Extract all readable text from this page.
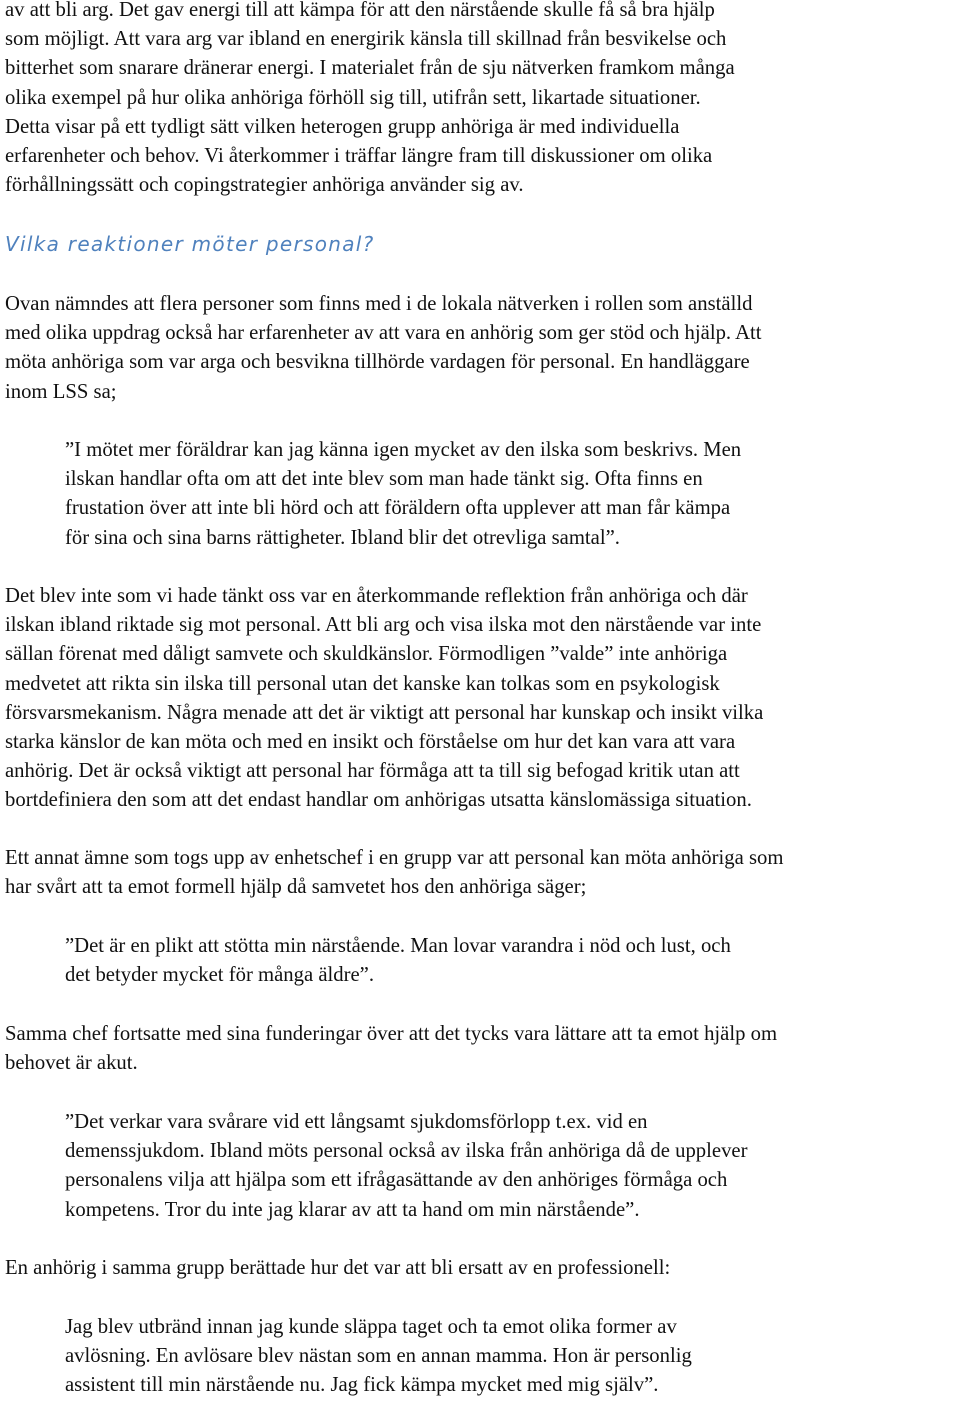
av att bli arg. Det gav energi till att kämpa för att den närstående skulle få så bra hjälp
som möjligt. Att vara arg var ibland en energirik känsla till skillnad från besvikelse och
bitterhet som snarare dränerar energi. I materialet från de sju nätverken framkom många
olika exempel på hur olika anhöriga förhöll sig till, utifrån sett, likartade situationer.
Detta visar på ett tydligt sätt vilken heterogen grupp anhöriga är med individuella
erfarenheter och behov. Vi återkommer i träffar längre fram till diskussioner om olika
förhållningssätt och copingstrategier anhöriga använder sig av.
Vilka reaktioner möter personal?
Ovan nämndes att flera personer som finns med i de lokala nätverken i rollen som anställd
med olika uppdrag också har erfarenheter av att vara en anhörig som ger stöd och hjälp. Att
möta anhöriga som var arga och besvikna tillhörde vardagen för personal. En handläggare
inom LSS sa;
”I mötet mer föräldrar kan jag känna igen mycket av den ilska som beskrivs. Men
ilskan handlar ofta om att det inte blev som man hade tänkt sig. Ofta finns en
frustation över att inte bli hörd och att föräldern ofta upplever att man får kämpa
för sina och sina barns rättigheter. Ibland blir det otrevliga samtal”.
Det blev inte som vi hade tänkt oss var en återkommande reflektion från anhöriga och där
ilskan ibland riktade sig mot personal. Att bli arg och visa ilska mot den närstående var inte
sällan förenat med dåligt samvete och skuldkänslor. Förmodligen ”valde” inte anhöriga
medvetet att rikta sin ilska till personal utan det kanske kan tolkas som en psykologisk
försvarsmekanism. Några menade att det är viktigt att personal har kunskap och insikt vilka
starka känslor de kan möta och med en insikt och förståelse om hur det kan vara att vara
anhörig. Det är också viktigt att personal har förmåga att ta till sig befogad kritik utan att
bortdefiniera den som att det endast handlar om anhörigas utsatta känslomässiga situation.
Ett annat ämne som togs upp av enhetschef i en grupp var att personal kan möta anhöriga som
har svårt att ta emot formell hjälp då samvetet hos den anhöriga säger;
”Det är en plikt att stötta min närstående. Man lovar varandra i nöd och lust, och
det betyder mycket för många äldre”.
Samma chef fortsatte med sina funderingar över att det tycks vara lättare att ta emot hjälp om
behovet är akut.
”Det verkar vara svårare vid ett långsamt sjukdomsförlopp t.ex. vid en
demenssjukdom. Ibland möts personal också av ilska från anhöriga då de upplever
personalens vilja att hjälpa som ett ifrågasättande av den anhöriges förmåga och
kompetens. Tror du inte jag klarar av att ta hand om min närstående”.
En anhörig i samma grupp berättade hur det var att bli ersatt av en professionell:
Jag blev utbränd innan jag kunde släppa taget och ta emot olika former av
avlösning. En avlösare blev nästan som en annan mamma. Hon är personlig
assistent till min närstående nu. Jag fick kämpa mycket med mig själv”.
